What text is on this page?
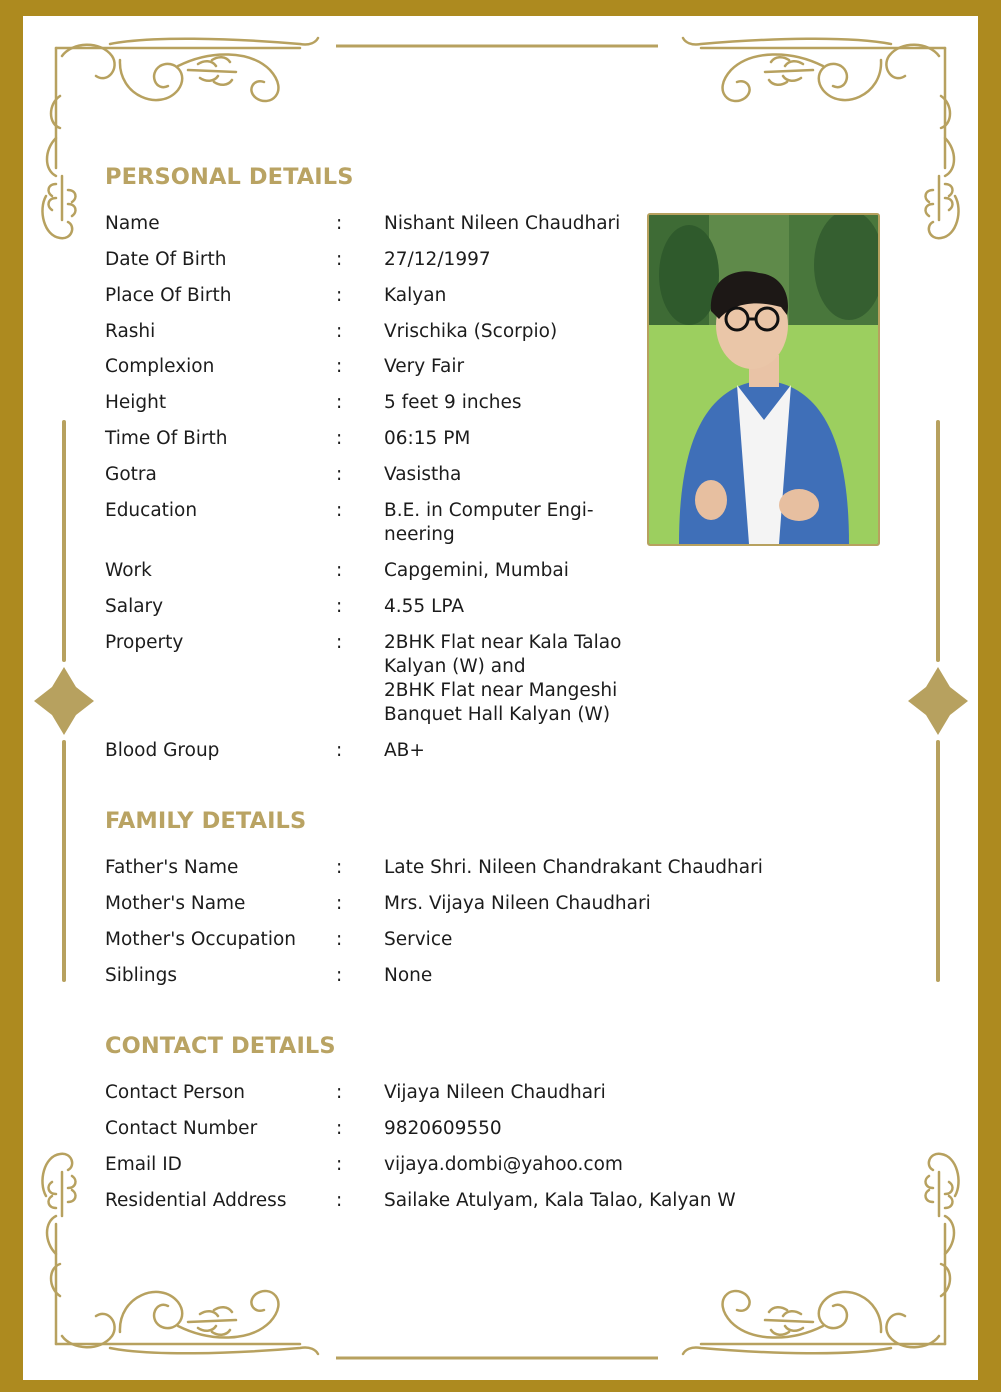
PERSONAL DETAILS
Name	: Nishant Nileen Chaudhari
Date Of Birth	: 27/12/1997
Place Of Birth	: Kalyan
Rashi	: Vrischika (Scorpio)
Complexion	: Very Fair
Height	: 5 feet 9 inches
Time Of Birth	: 06:15 PM
Gotra	: Vasistha
Education	: B.E. in Computer Engi-
neering
Work	: Capgemini, Mumbai
Salary	: 4.55 LPA
Property	: 2BHK Flat near Kala Talao
Kalyan (W) and
2BHK Flat near Mangeshi
Banquet Hall Kalyan (W)
Blood Group	: AB+
FAMILY DETAILS
Father's Name	: Late Shri. Nileen Chandrakant Chaudhari
Mother's Name	: Mrs. Vijaya Nileen Chaudhari
Mother's Occupation : Service
Siblings	: None
CONTACT DETAILS
Contact Person	: Vijaya Nileen Chaudhari
Contact Number	: 9820609550
Email ID	: vijaya.dombi@yahoo.com
Residential Address	: Sailake Atulyam, Kala Talao, Kalyan W
